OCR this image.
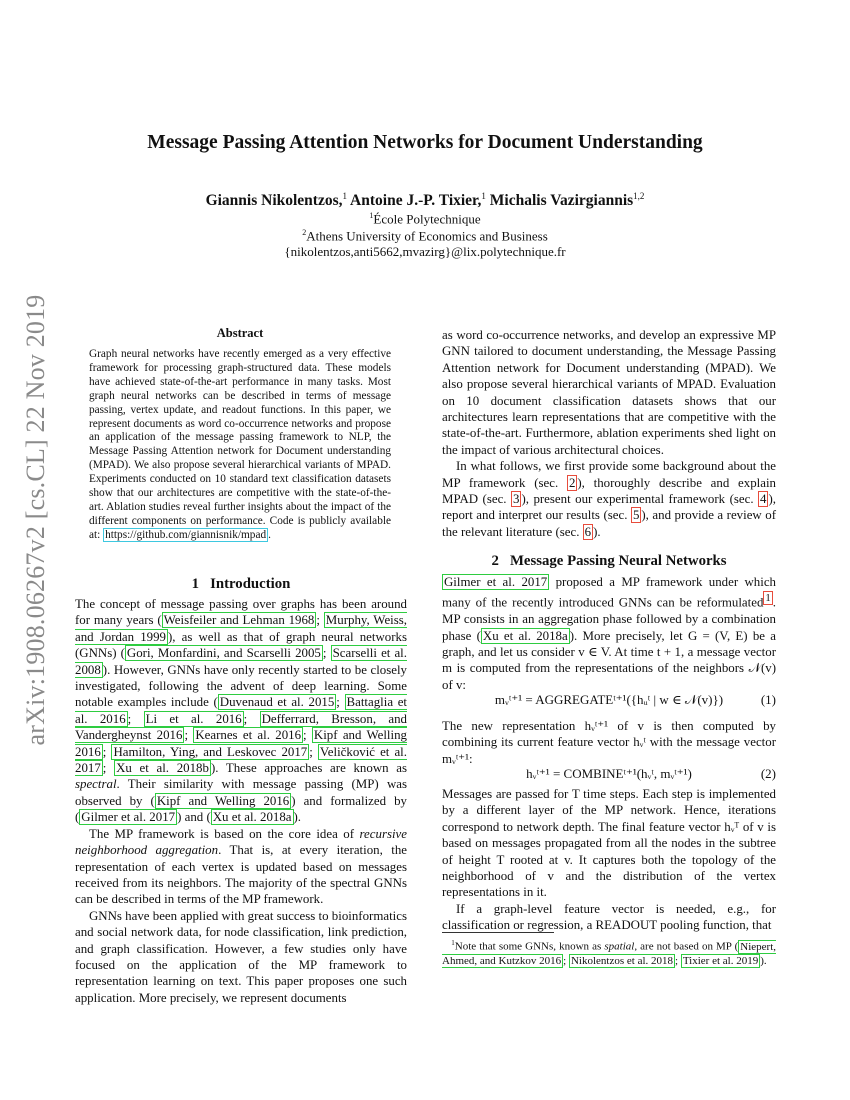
arXiv:1908.06267v2 [cs.CL] 22 Nov 2019
Message Passing Attention Networks for Document Understanding
Giannis Nikolentzos,$^1$ Antoine J.-P. Tixier,$^1$ Michalis Vazirgiannis$^{1,2}$
$^1$École Polytechnique
$^2$Athens University of Economics and Business
{nikolentzos,anti5662,mvazirg}@lix.polytechnique.fr
Abstract
Graph neural networks have recently emerged as a very effective framework for processing graph-structured data. These models have achieved state-of-the-art performance in many tasks. Most graph neural networks can be described in terms of message passing, vertex update, and readout functions. In this paper, we represent documents as word co-occurrence networks and propose an application of the message passing framework to NLP, the Message Passing Attention network for Document understanding (MPAD). We also propose several hierarchical variants of MPAD. Experiments conducted on 10 standard text classification datasets show that our architectures are competitive with the state-of-the-art. Ablation studies reveal further insights about the impact of the different components on performance. Code is publicly available at: https://github.com/giannisnik/mpad .
1 Introduction

The concept of message passing over graphs has been around for many years ( Weisfeiler and Lehman 1968 ; Murphy, Weiss, and Jordan 1999 ), as well as that of graph neural networks (GNNs) ( Gori, Monfardini, and Scarselli 2005 ; Scarselli et al. 2008 ). However, GNNs have only recently started to be closely investigated, following the advent of deep learning. Some notable examples include ( Duvenaud et al. 2015 ; Battaglia et al. 2016 ; Li et al. 2016 ; Defferrard, Bresson, and Vandergheynst 2016 ; Kearnes et al. 2016 ; Kipf and Welling 2016 ; Hamilton, Ying, and Leskovec 2017 ; Veličković et al. 2017 ; Xu et al. 2018b ). These approaches are known as spectral. Their similarity with message passing (MP) was observed by ( Kipf and Welling 2016 ) and formalized by ( Gilmer et al. 2017 ) and ( Xu et al. 2018a ).

The MP framework is based on the core idea of recursive neighborhood aggregation. That is, at every iteration, the representation of each vertex is updated based on messages received from its neighbors. The majority of the spectral GNNs can be described in terms of the MP framework.

GNNs have been applied with great success to bioinformatics and social network data, for node classification, link prediction, and graph classification. However, a few studies only have focused on the application of the MP framework to representation learning on text. This paper proposes one such application. More precisely, we represent documents

as word co-occurrence networks, and develop an expressive MP GNN tailored to document understanding, the Message Passing Attention network for Document understanding (MPAD). We also propose several hierarchical variants of MPAD. Evaluation on 10 document classification datasets shows that our architectures learn representations that are competitive with the state-of-the-art. Furthermore, ablation experiments shed light on the impact of various architectural choices.

In what follows, we first provide some background about the MP framework (sec. 2 ), thoroughly describe and explain MPAD (sec. 3 ), present our experimental framework (sec. 4 ), report and interpret our results (sec. 5 ), and provide a review of the relevant literature (sec. 6 ).

2 Message Passing Neural Networks

Gilmer et al. 2017 proposed a MP framework under which many of the recently introduced GNNs can be reformulated $^1$ . MP consists in an aggregation phase followed by a combination phase ( Xu et al. 2018a ). More precisely, let G = (V, E) be a graph, and let us consider v ∈ V. At time t + 1, a message vector m is computed from the representations of the neighbors 𝒩(v) of v:

mᵥᵗ⁺¹ = AGGREGATEᵗ⁺¹({hᵤᵗ | w ∈ 𝒩(v)})	(1)

The new representation hᵥᵗ⁺¹ of v is then computed by combining its current feature vector hᵥᵗ with the message vector mᵥᵗ⁺¹:

hᵥᵗ⁺¹ = COMBINEᵗ⁺¹(hᵥᵗ, mᵥᵗ⁺¹)	(2)

Messages are passed for T time steps. Each step is implemented by a different layer of the MP network. Hence, iterations correspond to network depth. The final feature vector hᵥᵀ of v is based on messages propagated from all the nodes in the subtree of height T rooted at v. It captures both the topology of the neighborhood of v and the distribution of the vertex representations in it.

If a graph-level feature vector is needed, e.g., for classification or regression, a READOUT pooling function, that

$^1$Note that some GNNs, known as spatial, are not based on MP ( Niepert, Ahmed, and Kutzkov 2016 ; Nikolentzos et al. 2018 ; Tixier et al. 2019 ).
